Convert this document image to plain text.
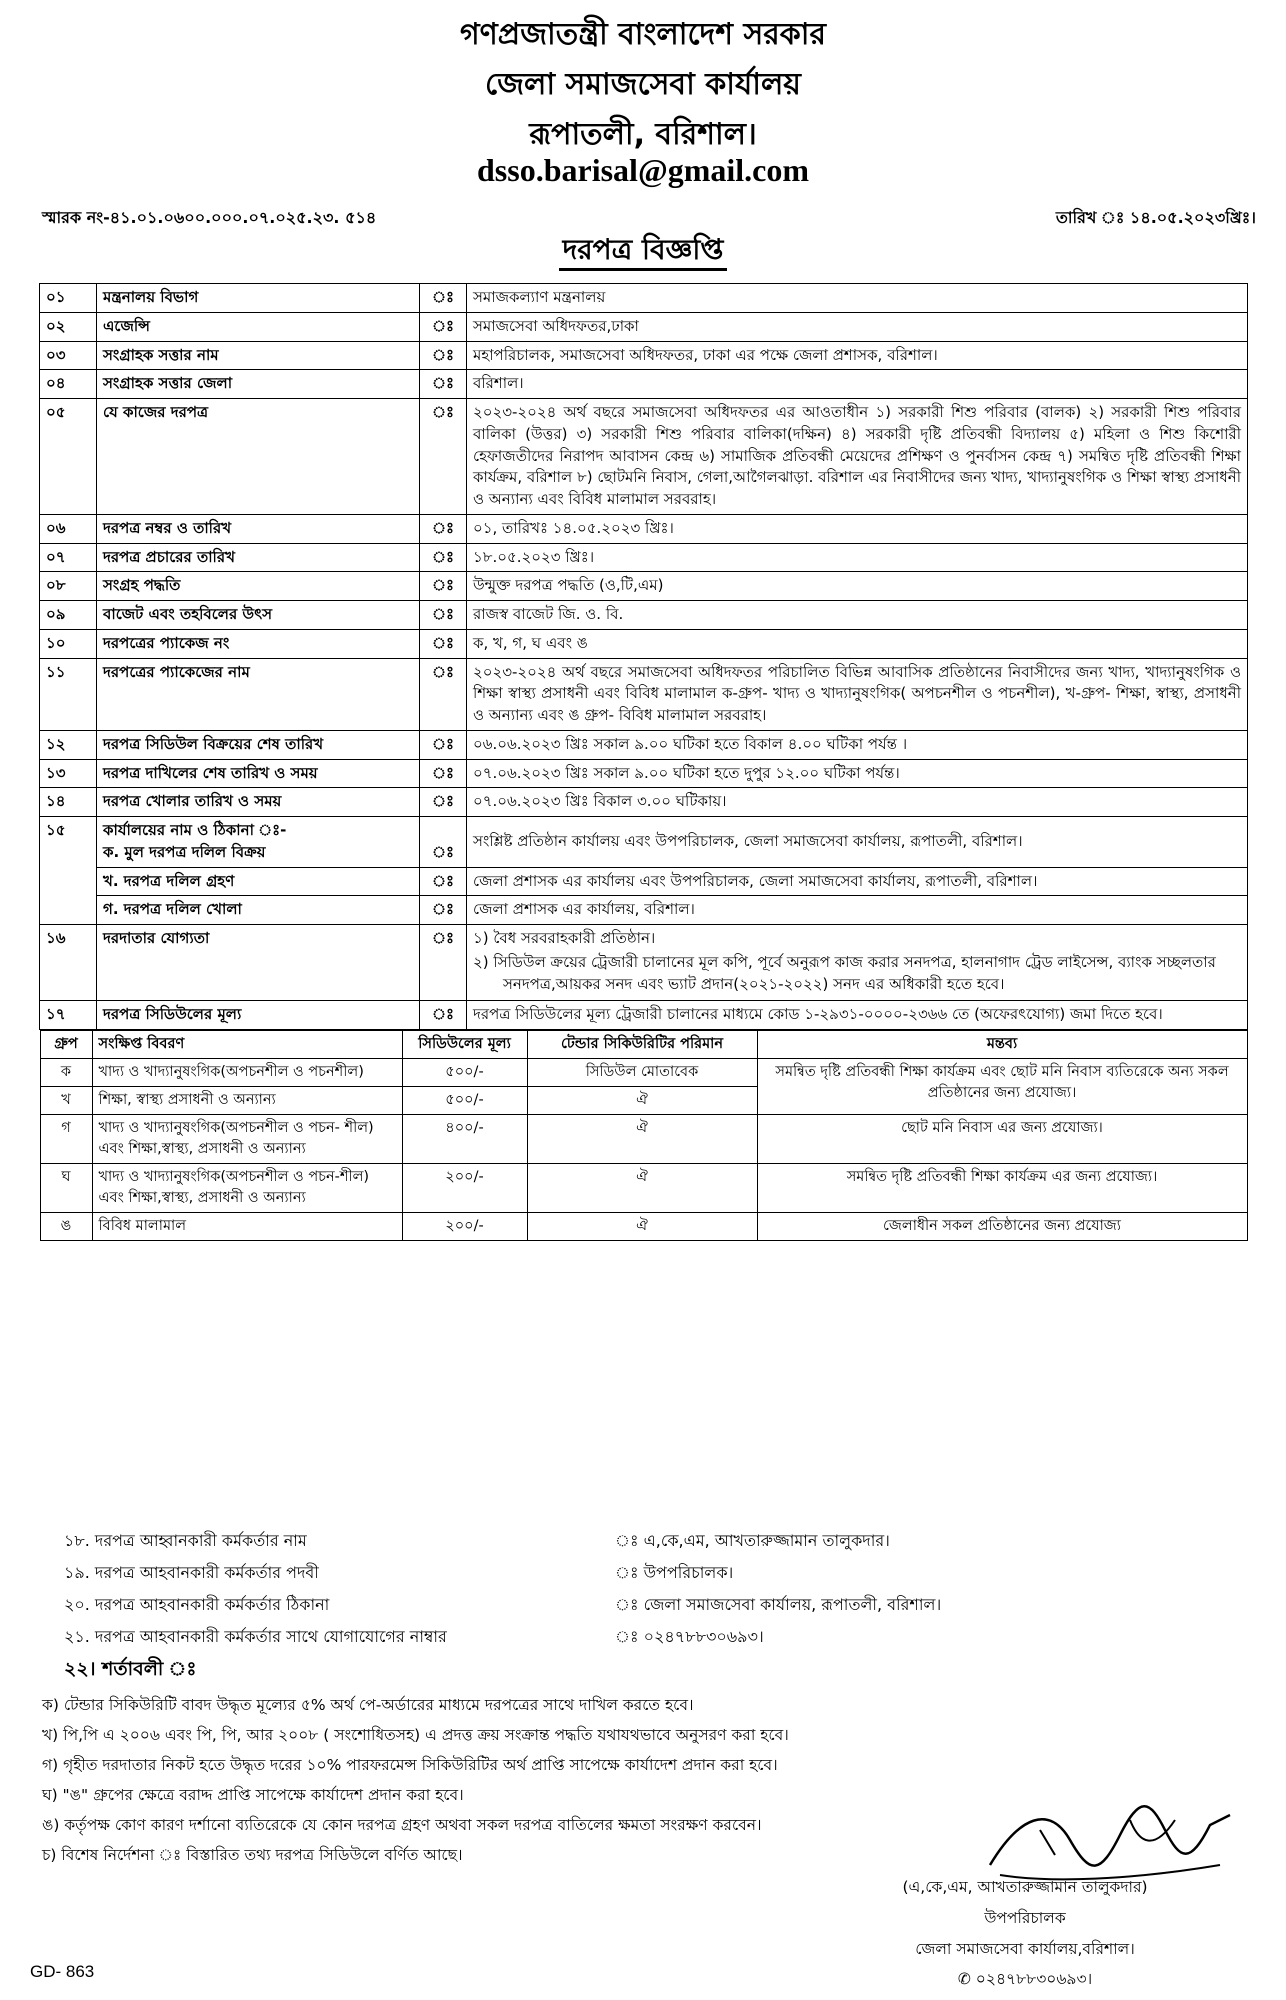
গণপ্রজাতন্ত্রী বাংলাদেশ সরকার
জেলা সমাজসেবা কার্যালয়
রূপাতলী, বরিশাল।
dsso.barisal@gmail.com
স্মারক নং-৪১.০১.০৬০০.০০০.০৭.০২৫.২৩. ৫১৪	তারিখ ঃ ১৪.০৫.২০২৩খ্রিঃ।
দরপত্র বিজ্ঞপ্তি
০১	মন্ত্রনালয় বিভাগ	ঃ	সমাজকল্যাণ মন্ত্রনালয়
০২	এজেন্সি	ঃ	সমাজসেবা অধিদফতর,ঢাকা
০৩	সংগ্রাহক সত্তার নাম	ঃ	মহাপরিচালক, সমাজসেবা অধিদফতর, ঢাকা এর পক্ষে জেলা প্রশাসক, বরিশাল।
০৪	সংগ্রাহক সত্তার জেলা	ঃ	বরিশাল।
০৫	যে কাজের দরপত্র	ঃ	২০২৩-২০২৪ অর্থ বছরে সমাজসেবা অধিদফতর এর আওতাধীন ১) সরকারী শিশু পরিবার (বালক) ২) সরকারী শিশু পরিবার বালিকা (উত্তর) ৩) সরকারী শিশু পরিবার বালিকা(দক্ষিন) ৪) সরকারী দৃষ্টি প্রতিবন্ধী বিদ্যালয় ৫) মহিলা ও শিশু কিশোরী হেফাজতীদের নিরাপদ আবাসন কেন্দ্র ৬) সামাজিক প্রতিবন্ধী মেয়েদের প্রশিক্ষণ ও পুনর্বাসন কেন্দ্র ৭) সমন্বিত দৃষ্টি প্রতিবন্ধী শিক্ষা কার্যক্রম, বরিশাল ৮) ছোটমনি নিবাস, গেলা,আগৈলঝাড়া. বরিশাল এর নিবাসীদের জন্য খাদ্য, খাদ্যানুষংগিক ও শিক্ষা স্বাস্থ্য প্রসাধনী ও অন্যান্য এবং বিবিধ মালামাল সরবরাহ।
০৬	দরপত্র নম্বর ও তারিখ	ঃ	০১, তারিখঃ ১৪.০৫.২০২৩ খ্রিঃ।
০৭	দরপত্র প্রচারের তারিখ	ঃ	১৮.০৫.২০২৩ খ্রিঃ।
০৮	সংগ্রহ পদ্ধতি	ঃ	উন্মুক্ত দরপত্র পদ্ধতি (ও,টি,এম)
০৯	বাজেট এবং তহবিলের উৎস	ঃ	রাজস্ব বাজেট জি. ও. বি.
১০	দরপত্রের প্যাকেজ নং	ঃ	ক, খ, গ, ঘ এবং ঙ
১১	দরপত্রের প্যাকেজের নাম	ঃ	২০২৩-২০২৪ অর্থ বছরে সমাজসেবা অধিদফতর পরিচালিত বিভিন্ন আবাসিক প্রতিষ্ঠানের নিবাসীদের জন্য খাদ্য, খাদ্যানুষংগিক ও শিক্ষা স্বাস্থ্য প্রসাধনী এবং বিবিধ মালামাল ক-গ্রুপ- খাদ্য ও খাদ্যানুষংগিক( অপচনশীল ও পচনশীল), খ-গ্রুপ- শিক্ষা, স্বাস্থ্য, প্রসাধনী ও অন্যান্য এবং ঙ গ্রুপ- বিবিধ মালামাল সরবরাহ।
১২	দরপত্র সিডিউল বিক্রয়ের শেষ তারিখ	ঃ	০৬.০৬.২০২৩ খ্রিঃ সকাল ৯.০০ ঘটিকা হতে বিকাল ৪.০০ ঘটিকা পর্যন্ত ।
১৩	দরপত্র দাখিলের শেষ তারিখ ও সময়	ঃ	০৭.০৬.২০২৩ খ্রিঃ সকাল ৯.০০ ঘটিকা হতে দুপুর ১২.০০ ঘটিকা পর্যন্ত।
১৪	দরপত্র খোলার তারিখ ও সময়	ঃ	০৭.০৬.২০২৩ খ্রিঃ বিকাল ৩.০০ ঘটিকায়।
১৫	কার্যালয়ের নাম ও ঠিকানা ঃ-
ক. মুল দরপত্র দলিল বিক্রয়	ঃ	সংশ্লিষ্ট প্রতিষ্ঠান কার্যালয় এবং উপপরিচালক, জেলা সমাজসেবা কার্যালয়, রূপাতলী, বরিশাল।
খ. দরপত্র দলিল গ্রহণ	ঃ	জেলা প্রশাসক এর কার্যালয় এবং উপপরিচালক, জেলা সমাজসেবা কার্যালয, রূপাতলী, বরিশাল।
গ. দরপত্র দলিল খোলা	ঃ	জেলা প্রশাসক এর কার্যালয়, বরিশাল।
১৬	দরদাতার যোগ্যতা	ঃ	১) বৈধ সরবরাহকারী প্রতিষ্ঠান।
২) সিডিউল ক্রয়ের ট্রেজারী চালানের মূল কপি, পূর্বে অনুরূপ কাজ করার সনদপত্র, হালনাগাদ ট্রেড লাইসেন্স, ব্যাংক সচ্ছলতার সনদপত্র,আয়কর সনদ এবং ভ্যাট প্রদান(২০২১-২০২২) সনদ এর অধিকারী হতে হবে।

১৭	দরপত্র সিডিউলের মূল্য	ঃ	দরপত্র সিডিউলের মূল্য ট্রেজারী চালানের মাধ্যমে কোড ১-২৯৩১-০০০০-২৩৬৬ তে (অফেরৎযোগ্য) জমা দিতে হবে।

গ্রুপ	সংক্ষিপ্ত বিবরণ	সিডিউলের মূল্য	টেন্ডার সিকিউরিটির পরিমান	মন্তব্য
ক	খাদ্য ও খাদ্যানুষংগিক(অপচনশীল ও পচনশীল)	৫০০/-	সিডিউল মোতাবেক	সমন্বিত দৃষ্টি প্রতিবন্ধী শিক্ষা কার্যক্রম এবং ছোট মনি নিবাস ব্যতিরেকে অন্য সকল প্রতিষ্ঠানের জন্য প্রযোজ্য।
খ	শিক্ষা, স্বাস্থ্য প্রসাধনী ও অন্যান্য	৫০০/-	ঐ
গ	খাদ্য ও খাদ্যানুষংগিক(অপচনশীল ও পচন- শীল) এবং শিক্ষা,স্বাস্থ্য, প্রসাধনী ও অন্যান্য	৪০০/-	ঐ	ছোট মনি নিবাস এর জন্য প্রযোজ্য।
ঘ	খাদ্য ও খাদ্যানুষংগিক(অপচনশীল ও পচন-শীল) এবং শিক্ষা,স্বাস্থ্য, প্রসাধনী ও অন্যান্য	২০০/-	ঐ	সমন্বিত দৃষ্টি প্রতিবন্ধী শিক্ষা কার্যক্রম এর জন্য প্রযোজ্য।
ঙ	বিবিধ মালামাল	২০০/-	ঐ	জেলাধীন সকল প্রতিষ্ঠানের জন্য প্রযোজ্য
১৮. দরপত্র আহ্বানকারী কর্মকর্তার নাম	ঃ এ,কে,এম, আখতারুজ্জামান তালুকদার।
১৯. দরপত্র আহবানকারী কর্মকর্তার পদবী	ঃ উপপরিচালক।
২০. দরপত্র আহবানকারী কর্মকর্তার ঠিকানা	ঃ জেলা সমাজসেবা কার্যালয়, রূপাতলী, বরিশাল।
২১. দরপত্র আহবানকারী কর্মকর্তার সাথে যোগাযোগের নাম্বার	ঃ ০২৪৭৮৮৩০৬৯৩।
২২। শর্তাবলী ঃ
ক) টেন্ডার সিকিউরিটি বাবদ উদ্ধৃত মূল্যের ৫% অর্থ পে-অর্ডারের মাধ্যমে দরপত্রের সাথে দাখিল করতে হবে।
খ) পি,পি এ ২০০৬ এবং পি, পি, আর ২০০৮ ( সংশোধিতসহ) এ প্রদত্ত ক্রয় সংক্রান্ত পদ্ধতি যথাযথভাবে অনুসরণ করা হবে।
গ) গৃহীত দরদাতার নিকট হতে উদ্ধৃত দরের ১০% পারফরমেন্স সিকিউরিটির অর্থ প্রাপ্তি সাপেক্ষে কার্যাদেশ প্রদান করা হবে।
ঘ) "ঙ" গ্রুপের ক্ষেত্রে বরাদ্দ প্রাপ্তি সাপেক্ষে কার্যাদেশ প্রদান করা হবে।
ঙ) কর্তৃপক্ষ কোণ কারণ দর্শানো ব্যতিরেকে যে কোন দরপত্র গ্রহণ অথবা সকল দরপত্র বাতিলের ক্ষমতা সংরক্ষণ করবেন।
চ) বিশেষ নির্দেশনা ঃ বিস্তারিত তথ্য দরপত্র সিডিউলে বর্ণিত আছে।
(এ,কে,এম, আখতারুজ্জামান তালুকদার)
উপপরিচালক
জেলা সমাজসেবা কার্যালয়,বরিশাল।
✆ ০২৪৭৮৮৩০৬৯৩।
GD- 863
